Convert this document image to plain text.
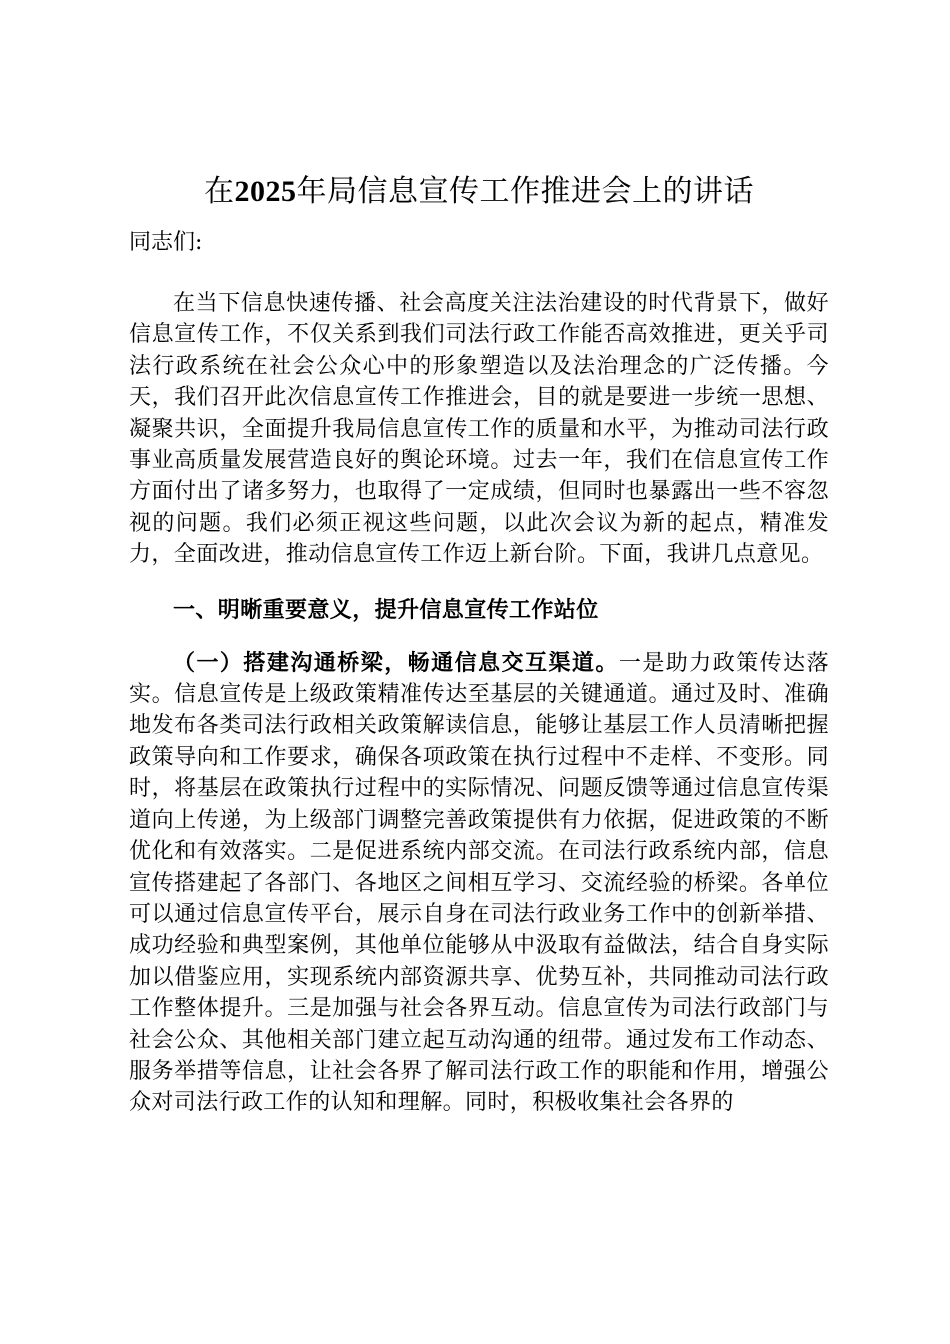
在2025年局信息宣传工作推进会上的讲话

同志们:

在当下信息快速传播、社会高度关注法治建设的时代背景下，做好信息宣传工作，不仅关系到我们司法行政工作能否高效推进，更关乎司法行政系统在社会公众心中的形象塑造以及法治理念的广泛传播。今天，我们召开此次信息宣传工作推进会，目的就是要进一步统一思想、凝聚共识，全面提升我局信息宣传工作的质量和水平，为推动司法行政事业高质量发展营造良好的舆论环境。过去一年，我们在信息宣传工作方面付出了诸多努力，也取得了一定成绩，但同时也暴露出一些不容忽视的问题。我们必须正视这些问题，以此次会议为新的起点，精准发力，全面改进，推动信息宣传工作迈上新台阶。下面，我讲几点意见。

一、明晰重要意义，提升信息宣传工作站位

（一）搭建沟通桥梁，畅通信息交互渠道。一是助力政策传达落实。信息宣传是上级政策精准传达至基层的关键通道。通过及时、准确地发布各类司法行政相关政策解读信息，能够让基层工作人员清晰把握政策导向和工作要求，确保各项政策在执行过程中不走样、不变形。同时，将基层在政策执行过程中的实际情况、问题反馈等通过信息宣传渠道向上传递，为上级部门调整完善政策提供有力依据，促进政策的不断优化和有效落实。二是促进系统内部交流。在司法行政系统内部，信息宣传搭建起了各部门、各地区之间相互学习、交流经验的桥梁。各单位可以通过信息宣传平台，展示自身在司法行政业务工作中的创新举措、成功经验和典型案例，其他单位能够从中汲取有益做法，结合自身实际加以借鉴应用，实现系统内部资源共享、优势互补，共同推动司法行政工作整体提升。三是加强与社会各界互动。信息宣传为司法行政部门与社会公众、其他相关部门建立起互动沟通的纽带。通过发布工作动态、服务举措等信息，让社会各界了解司法行政工作的职能和作用，增强公众对司法行政工作的认知和理解。同时，积极收集社会各界的
